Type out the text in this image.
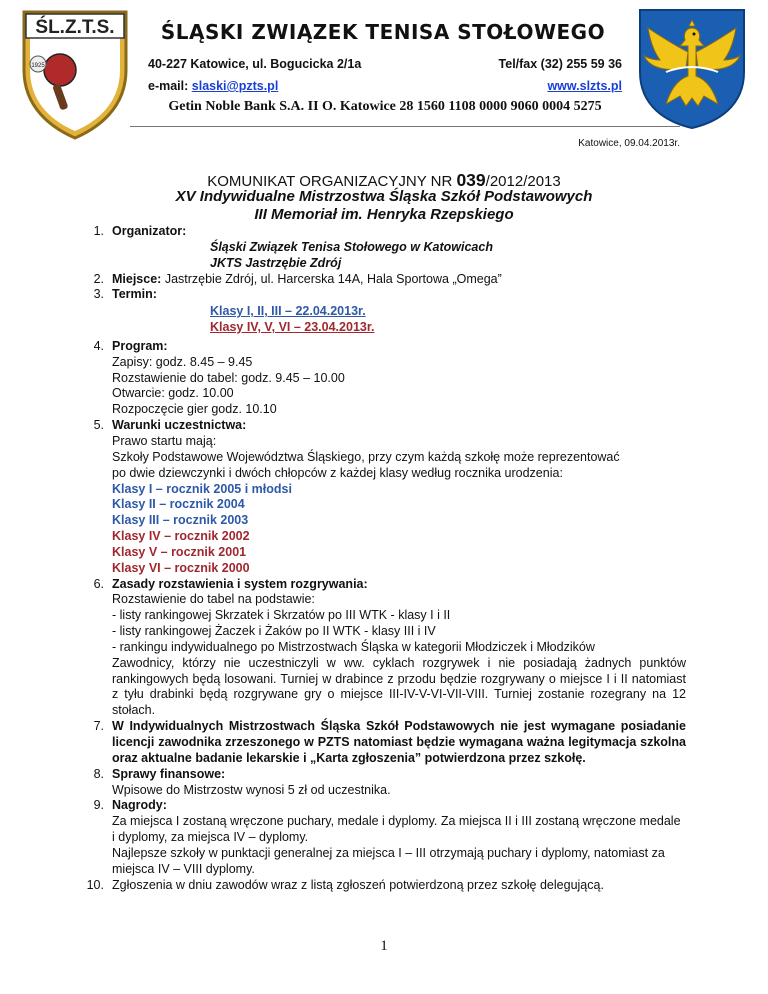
ŚL.Z.T.S.
1925
ŚLĄSKI ZWIĄZEK TENISA STOŁOWEGO
40-227 Katowice, ul. Bogucicka 2/1a	Tel/fax (32) 255 59 36
e-mail: slaski@pzts.pl	www.slzts.pl
Getin Noble Bank S.A. II O. Katowice 28 1560 1108 0000 9060 0004 5275
Katowice, 09.04.2013r.
KOMUNIKAT ORGANIZACYJNY NR 039/2012/2013
XV Indywidualne Mistrzostwa Śląska Szkół Podstawowych
III Memoriał im. Henryka Rzepskiego
1. Organizator:

Śląski Związek Tenisa Stołowego w Katowicach

JKTS Jastrzębie Zdrój

2. Miejsce: Jastrzębie Zdrój, ul. Harcerska 14A, Hala Sportowa „Omega”

3. Termin:

Klasy I, II, III – 22.04.2013r.

Klasy IV, V, VI – 23.04.2013r.

4. Program:

Zapisy: godz. 8.45 – 9.45

Rozstawienie do tabel: godz. 9.45 – 10.00

Otwarcie: godz. 10.00

Rozpoczęcie gier godz. 10.10

5. Warunki uczestnictwa:

Prawo startu mają:

Szkoły Podstawowe Województwa Śląskiego, przy czym każdą szkołę może reprezentować

po dwie dziewczynki i dwóch chłopców z każdej klasy według rocznika urodzenia:

Klasy I – rocznik 2005 i młodsi

Klasy II – rocznik 2004

Klasy III – rocznik 2003

Klasy IV – rocznik 2002

Klasy V – rocznik 2001

Klasy VI – rocznik 2000

6. Zasady rozstawienia i system rozgrywania:

Rozstawienie do tabel na podstawie:

- listy rankingowej Skrzatek i Skrzatów po III WTK - klasy I i II

- listy rankingowej Żaczek i Żaków po II WTK - klasy III i IV

- rankingu indywidualnego po Mistrzostwach Śląska w kategorii Młodziczek i Młodzików

Zawodnicy, którzy nie uczestniczyli w ww. cyklach rozgrywek i nie posiadają żadnych punktów rankingowych będą losowani. Turniej w drabince z przodu będzie rozgrywany o miejsce I i II natomiast z tyłu drabinki będą rozgrywane gry o miejsce III-IV-V-VI-VII-VIII. Turniej zostanie rozegrany na 12 stołach.

7. W Indywidualnych Mistrzostwach Śląska Szkół Podstawowych nie jest wymagane posiadanie licencji zawodnika zrzeszonego w PZTS natomiast będzie wymagana ważna legitymacja szkolna oraz aktualne badanie lekarskie i „Karta zgłoszenia” potwierdzona przez szkołę.

8. Sprawy finansowe:

Wpisowe do Mistrzostw wynosi 5 zł od uczestnika.

9. Nagrody:

Za miejsca I zostaną wręczone puchary, medale i dyplomy. Za miejsca II i III zostaną wręczone medale i dyplomy, za miejsca IV – dyplomy.

Najlepsze szkoły w punktacji generalnej za miejsca I – III otrzymają puchary i dyplomy, natomiast za miejsca IV – VIII dyplomy.

10. Zgłoszenia w dniu zawodów wraz z listą zgłoszeń potwierdzoną przez szkołę delegującą.

1
